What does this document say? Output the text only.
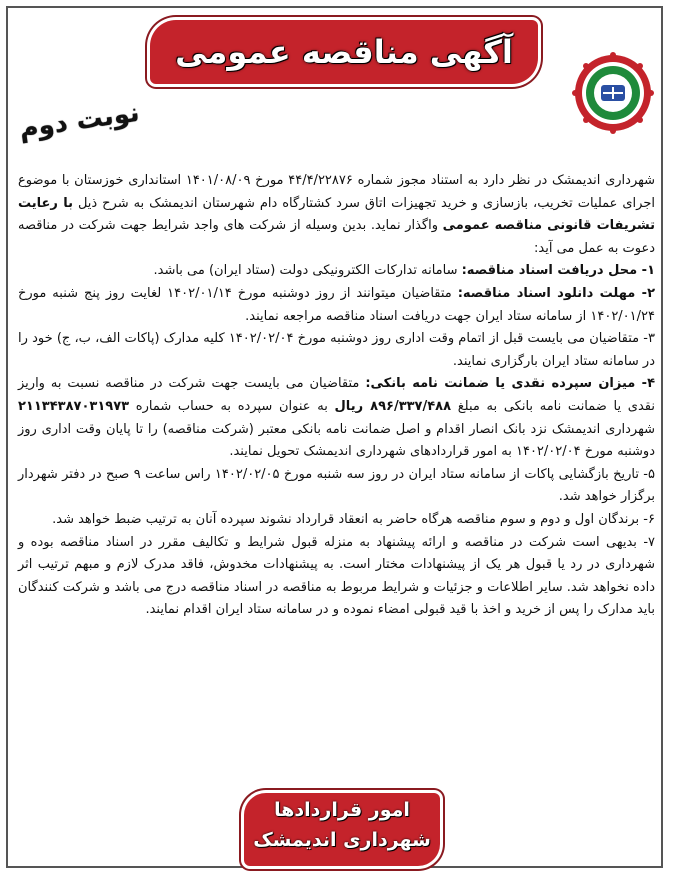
آگهی مناقصه عمومی
نوبت دوم

شهرداری اندیمشک در نظر دارد به استناد مجوز شماره ۴۴/۴/۲۲۸۷۶ مورخ ۱۴۰۱/۰۸/۰۹ استانداری خوزستان با موضوع اجرای عملیات تخریب، بازسازی و خرید تجهیزات اتاق سرد کشتارگاه دام شهرستان اندیمشک به شرح ذیل با رعایت تشریفات قانونی مناقصه عمومی واگذار نماید. بدین وسیله از شرکت های واجد شرایط جهت شرکت در مناقصه دعوت به عمل می آید:

۱- محل دریافت اسناد مناقصه: سامانه تدارکات الکترونیکی دولت (ستاد ایران) می باشد.

۲- مهلت دانلود اسناد مناقصه: متقاضیان میتوانند از روز دوشنبه مورخ ۱۴۰۲/۰۱/۱۴ لغایت روز پنج شنبه مورخ ۱۴۰۲/۰۱/۲۴ از سامانه ستاد ایران جهت دریافت اسناد مناقصه مراجعه نمایند.

۳- متقاضیان می بایست قبل از اتمام وقت اداری روز دوشنبه مورخ ۱۴۰۲/۰۲/۰۴ کلیه مدارک (پاکات الف، ب، ج) خود را در سامانه ستاد ایران بارگزاری نمایند.

۴- میزان سپرده نقدی یا ضمانت نامه بانکی: متقاضیان می بایست جهت شرکت در مناقصه نسبت به واریز نقدی یا ضمانت نامه بانکی به مبلغ ۸۹۶/۳۳۷/۴۸۸ ریال به عنوان سپرده به حساب شماره ۲۱۱۳۴۳۸۷۰۳۱۹۷۳ شهرداری اندیمشک نزد بانک انصار اقدام و اصل ضمانت نامه بانکی معتبر (شرکت مناقصه) را تا پایان وقت اداری روز دوشنبه مورخ ۱۴۰۲/۰۲/۰۴ به امور قراردادهای شهرداری اندیمشک تحویل نمایند.

۵- تاریخ بازگشایی پاکات از سامانه ستاد ایران در روز سه شنبه مورخ ۱۴۰۲/۰۲/۰۵ راس ساعت ۹ صبح در دفتر شهردار برگزار خواهد شد.

۶- برندگان اول و دوم و سوم مناقصه هرگاه حاضر به انعقاد قرارداد نشوند سپرده آنان به ترتیب ضبط خواهد شد.

۷- بدیهی است شرکت در مناقصه و ارائه پیشنهاد به منزله قبول شرایط و تکالیف مقرر در اسناد مناقصه بوده و شهرداری در رد یا قبول هر یک از پیشنهادات مختار است. به پیشنهادات مخدوش، فاقد مدرک لازم و مبهم ترتیب اثر داده نخواهد شد. سایر اطلاعات و جزئیات و شرایط مربوط به مناقصه در اسناد مناقصه درج می باشد و شرکت کنندگان باید مدارک را پس از خرید و اخذ با قید قبولی امضاء نموده و در سامانه ستاد ایران اقدام نمایند.

امور قراردادها
شهرداری اندیمشک
